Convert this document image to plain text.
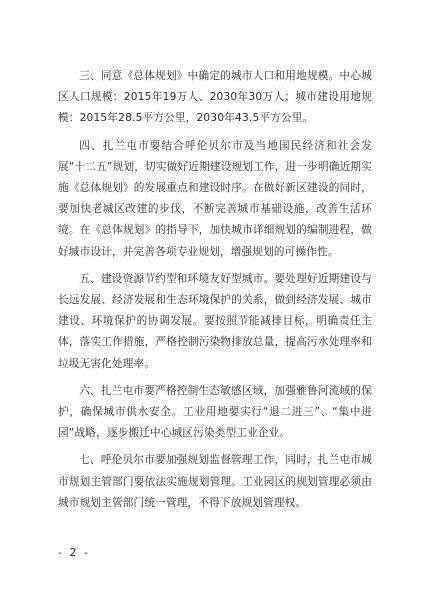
三、同意《总体规划》中确定的城市人口和用地规模。中心城区人口规模：2015年19万人、2030年30万人；城市建设用地规模：2015年28.5平方公里，2030年43.5平方公里。

四、扎兰屯市要结合呼伦贝尔市及当地国民经济和社会发展“十二五”规划，切实做好近期建设规划工作，进一步明确近期实施《总体规划》的发展重点和建设时序。在做好新区建设的同时，要加快老城区改建的步伐，不断完善城市基础设施，改善生活环境。在《总体规划》的指导下，加快城市详细规划的编制进程，做好城市设计，并完善各项专业规划，增强规划的可操作性。

五、建设资源节约型和环境友好型城市。要处理好近期建设与长远发展、经济发展和生态环境保护的关系，做到经济发展、城市建设、环境保护的协调发展。要按照节能减排目标，明确责任主体，落实工作措施，严格控制污染物排放总量，提高污水处理率和垃圾无害化处理率。

六、扎兰屯市要严格控制生态敏感区域，加强雅鲁河流域的保护，确保城市供水安全。工业用地要实行“退二进三”、“集中进园”战略，逐步搬迁中心城区污染类型工业企业。

七、呼伦贝尔市要加强规划监督管理工作，同时，扎兰屯市城市规划主管部门要依法实施规划管理。工业园区的规划管理必须由城市规划主管部门统一管理，不得下放规划管理权。

- 2 -
